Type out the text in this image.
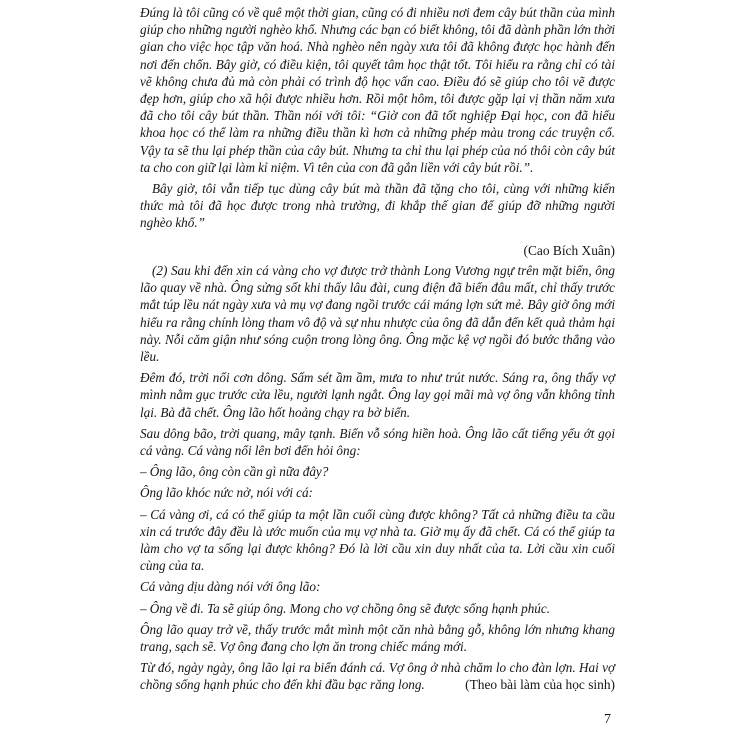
Đúng là tôi cũng có về quê một thời gian, cũng có đi nhiều nơi đem cây bút thần của mình giúp cho những người nghèo khổ. Nhưng các bạn có biết không, tôi đã dành phần lớn thời gian cho việc học tập văn hoá. Nhà nghèo nên ngày xưa tôi đã không được học hành đến nơi đến chốn. Bây giờ, có điều kiện, tôi quyết tâm học thật tốt. Tôi hiểu ra rằng chỉ có tài vẽ không chưa đủ mà còn phải có trình độ học vấn cao. Điều đó sẽ giúp cho tôi vẽ được đẹp hơn, giúp cho xã hội được nhiều hơn. Rồi một hôm, tôi được gặp lại vị thần năm xưa đã cho tôi cây bút thần. Thần nói với tôi: “Giờ con đã tốt nghiệp Đại học, con đã hiểu khoa học có thể làm ra những điều thần kì hơn cả những phép màu trong các truyện cổ. Vậy ta sẽ thu lại phép thần của cây bút. Nhưng ta chỉ thu lại phép của nó thôi còn cây bút ta cho con giữ lại làm kỉ niệm. Vì tên của con đã gắn liền với cây bút rồi.”.

Bây giờ, tôi vẫn tiếp tục dùng cây bút mà thần đã tặng cho tôi, cùng với những kiến thức mà tôi đã học được trong nhà trường, đi khắp thế gian để giúp đỡ những người nghèo khổ.”

(Cao Bích Xuân)

(2) Sau khi đến xin cá vàng cho vợ được trở thành Long Vương ngự trên mặt biển, ông lão quay về nhà. Ông sửng sốt khi thấy lâu đài, cung điện đã biến đâu mất, chỉ thấy trước mắt túp lều nát ngày xưa và mụ vợ đang ngồi trước cái máng lợn sứt mẻ. Bây giờ ông mới hiểu ra rằng chính lòng tham vô độ và sự nhu nhược của ông đã dẫn đến kết quả thảm hại này. Nỗi căm giận như sóng cuộn trong lòng ông. Ông mặc kệ vợ ngồi đó bước thẳng vào lều.

Đêm đó, trời nổi cơn dông. Sấm sét ầm ầm, mưa to như trút nước. Sáng ra, ông thấy vợ mình nằm gục trước cửa lều, người lạnh ngắt. Ông lay gọi mãi mà vợ ông vẫn không tỉnh lại. Bà đã chết. Ông lão hốt hoảng chạy ra bờ biển.

Sau dông bão, trời quang, mây tạnh. Biển vỗ sóng hiền hoà. Ông lão cất tiếng yếu ớt gọi cá vàng. Cá vàng nổi lên bơi đến hỏi ông:

– Ông lão, ông còn cần gì nữa đây?

Ông lão khóc nức nở, nói với cá:

– Cá vàng ơi, cá có thể giúp ta một lần cuối cùng được không? Tất cả những điều ta cầu xin cá trước đây đều là ước muốn của mụ vợ nhà ta. Giờ mụ ấy đã chết. Cá có thể giúp ta làm cho vợ ta sống lại được không? Đó là lời cầu xin duy nhất của ta. Lời cầu xin cuối cùng của ta.

Cá vàng dịu dàng nói với ông lão:

– Ông về đi. Ta sẽ giúp ông. Mong cho vợ chồng ông sẽ được sống hạnh phúc.

Ông lão quay trở về, thấy trước mắt mình một căn nhà bằng gỗ, không lớn nhưng khang trang, sạch sẽ. Vợ ông đang cho lợn ăn trong chiếc máng mới.

Từ đó, ngày ngày, ông lão lại ra biển đánh cá. Vợ ông ở nhà chăm lo cho đàn lợn. Hai vợ chồng sống hạnh phúc cho đến khi đầu bạc răng long.	(Theo bài làm của học sinh)
7
